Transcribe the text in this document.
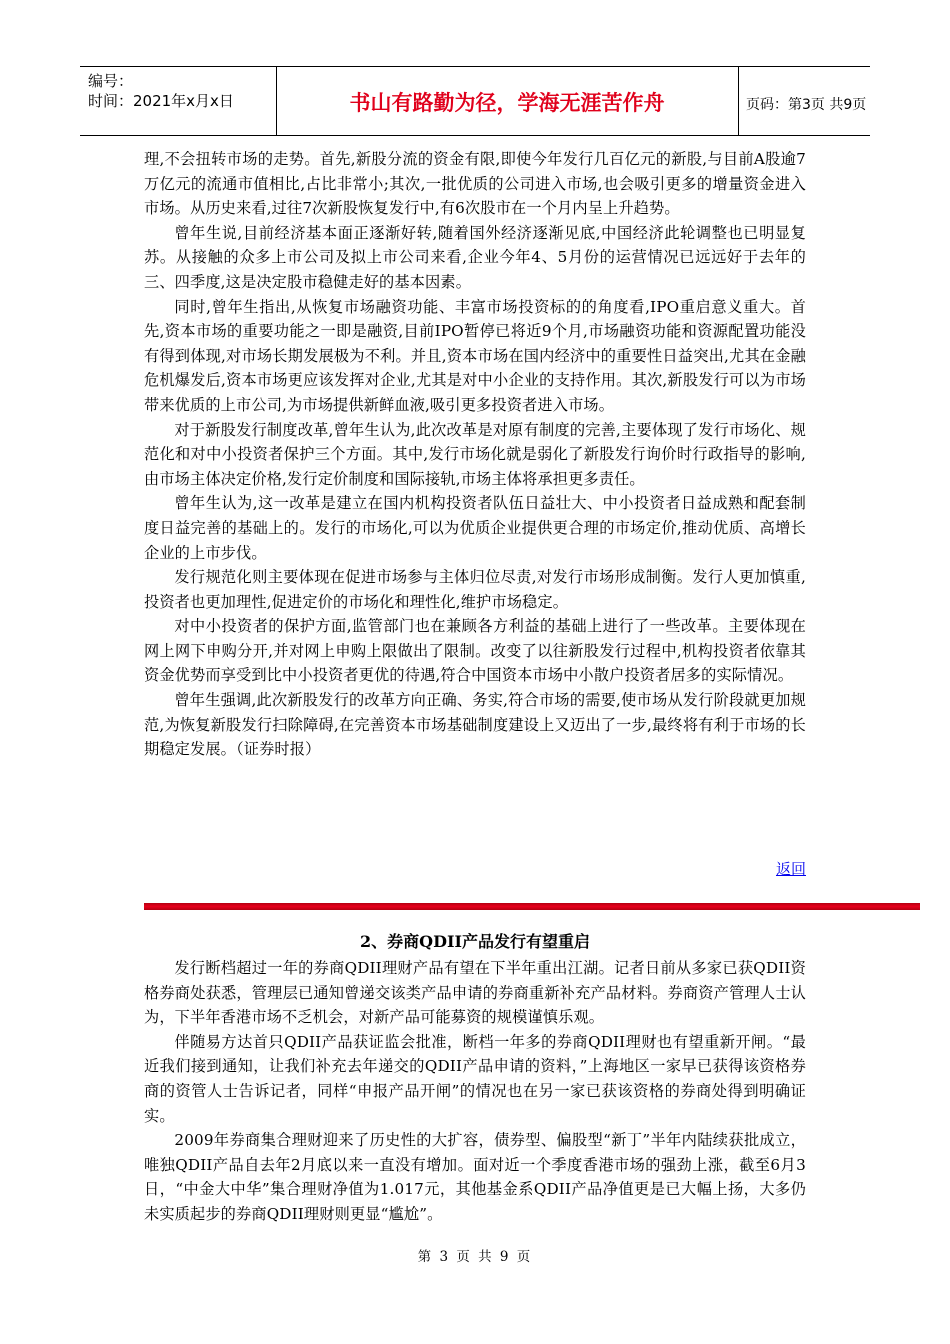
编号：
时间：2021年x月x日	书山有路勤为径，学海无涯苦作舟	页码：第3页 共9页

理,不会扭转市场的走势。首先,新股分流的资金有限,即使今年发行几百亿元的新股,与目前A股逾7万亿元的流通市值相比,占比非常小;其次,一批优质的公司进入市场,也会吸引更多的增量资金进入市场。从历史来看,过往7次新股恢复发行中,有6次股市在一个月内呈上升趋势。

曾年生说,目前经济基本面正逐渐好转,随着国外经济逐渐见底,中国经济此轮调整也已明显复苏。从接触的众多上市公司及拟上市公司来看,企业今年4、5月份的运营情况已远远好于去年的三、四季度,这是决定股市稳健走好的基本因素。

同时,曾年生指出,从恢复市场融资功能、丰富市场投资标的的角度看,IPO重启意义重大。首先,资本市场的重要功能之一即是融资,目前IPO暂停已将近9个月,市场融资功能和资源配置功能没有得到体现,对市场长期发展极为不利。并且,资本市场在国内经济中的重要性日益突出,尤其在金融危机爆发后,资本市场更应该发挥对企业,尤其是对中小企业的支持作用。其次,新股发行可以为市场带来优质的上市公司,为市场提供新鲜血液,吸引更多投资者进入市场。

对于新股发行制度改革,曾年生认为,此次改革是对原有制度的完善,主要体现了发行市场化、规范化和对中小投资者保护三个方面。其中,发行市场化就是弱化了新股发行询价时行政指导的影响,由市场主体决定价格,发行定价制度和国际接轨,市场主体将承担更多责任。

曾年生认为,这一改革是建立在国内机构投资者队伍日益壮大、中小投资者日益成熟和配套制度日益完善的基础上的。发行的市场化,可以为优质企业提供更合理的市场定价,推动优质、高增长企业的上市步伐。

发行规范化则主要体现在促进市场参与主体归位尽责,对发行市场形成制衡。发行人更加慎重,投资者也更加理性,促进定价的市场化和理性化,维护市场稳定。

对中小投资者的保护方面,监管部门也在兼顾各方利益的基础上进行了一些改革。主要体现在网上网下申购分开,并对网上申购上限做出了限制。改变了以往新股发行过程中,机构投资者依靠其资金优势而享受到比中小投资者更优的待遇,符合中国资本市场中小散户投资者居多的实际情况。

曾年生强调,此次新股发行的改革方向正确、务实,符合市场的需要,使市场从发行阶段就更加规范,为恢复新股发行扫除障碍,在完善资本市场基础制度建设上又迈出了一步,最终将有利于市场的长期稳定发展。（证券时报）

返回
2、券商QDII产品发行有望重启

发行断档超过一年的券商QDII理财产品有望在下半年重出江湖。记者日前从多家已获QDII资格券商处获悉，管理层已通知曾递交该类产品申请的券商重新补充产品材料。券商资产管理人士认为，下半年香港市场不乏机会，对新产品可能募资的规模谨慎乐观。

伴随易方达首只QDII产品获证监会批准，断档一年多的券商QDII理财也有望重新开闸。“最近我们接到通知，让我们补充去年递交的QDII产品申请的资料，”上海地区一家早已获得该资格券商的资管人士告诉记者，同样“申报产品开闸”的情况也在另一家已获该资格的券商处得到明确证实。

2009年券商集合理财迎来了历史性的大扩容，债券型、偏股型“新丁”半年内陆续获批成立，唯独QDII产品自去年2月底以来一直没有增加。面对近一个季度香港市场的强劲上涨，截至6月3日，“中金大中华”集合理财净值为1.017元，其他基金系QDII产品净值更是已大幅上扬，大多仍未实质起步的券商QDII理财则更显“尴尬”。

第 3 页 共 9 页
